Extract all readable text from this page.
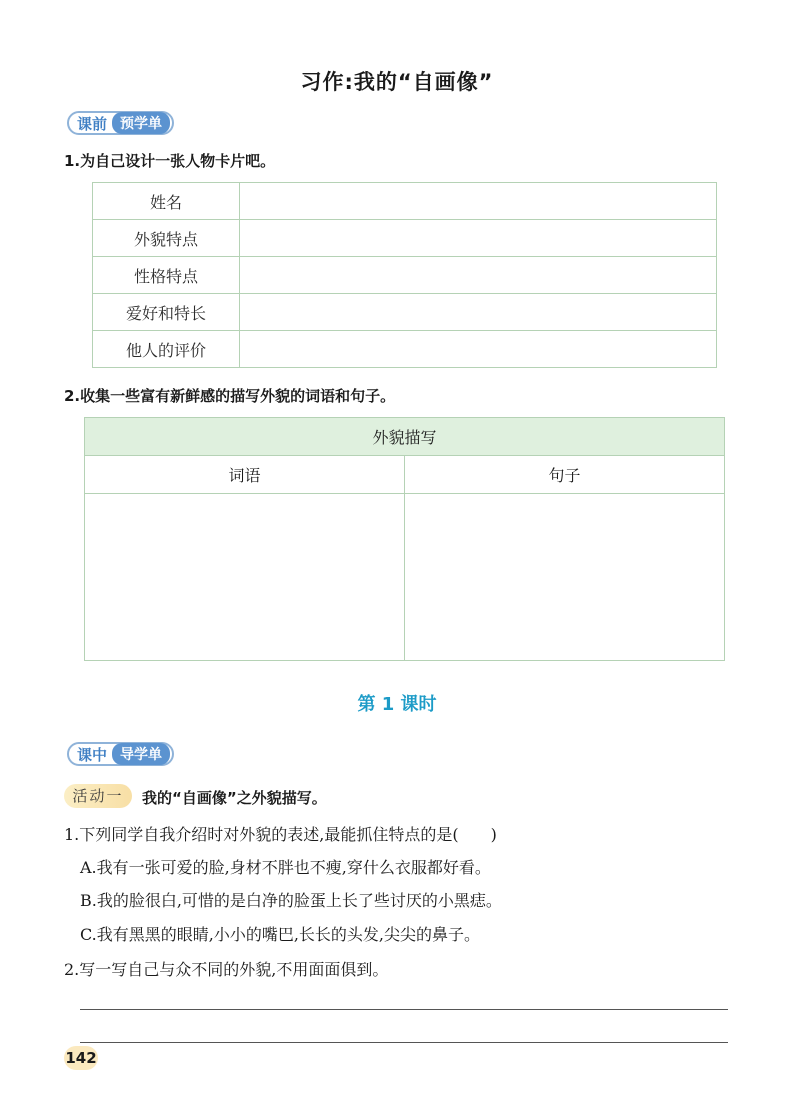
习作:我的“自画像”
课前 预学单
1.为自己设计一张人物卡片吧。
姓名	
外貌特点	
性格特点	
爱好和特长	
他人的评价	
2.收集一些富有新鲜感的描写外貌的词语和句子。
外貌描写	
词语	句子

第 1 课时
课中 导学单
活动一	我的“自画像”之外貌描写。
1.下列同学自我介绍时对外貌的表述,最能抓住特点的是(　　)
A.我有一张可爱的脸,身材不胖也不瘦,穿什么衣服都好看。
B.我的脸很白,可惜的是白净的脸蛋上长了些讨厌的小黑痣。
C.我有黑黑的眼睛,小小的嘴巴,长长的头发,尖尖的鼻子。
2.写一写自己与众不同的外貌,不用面面俱到。
142
